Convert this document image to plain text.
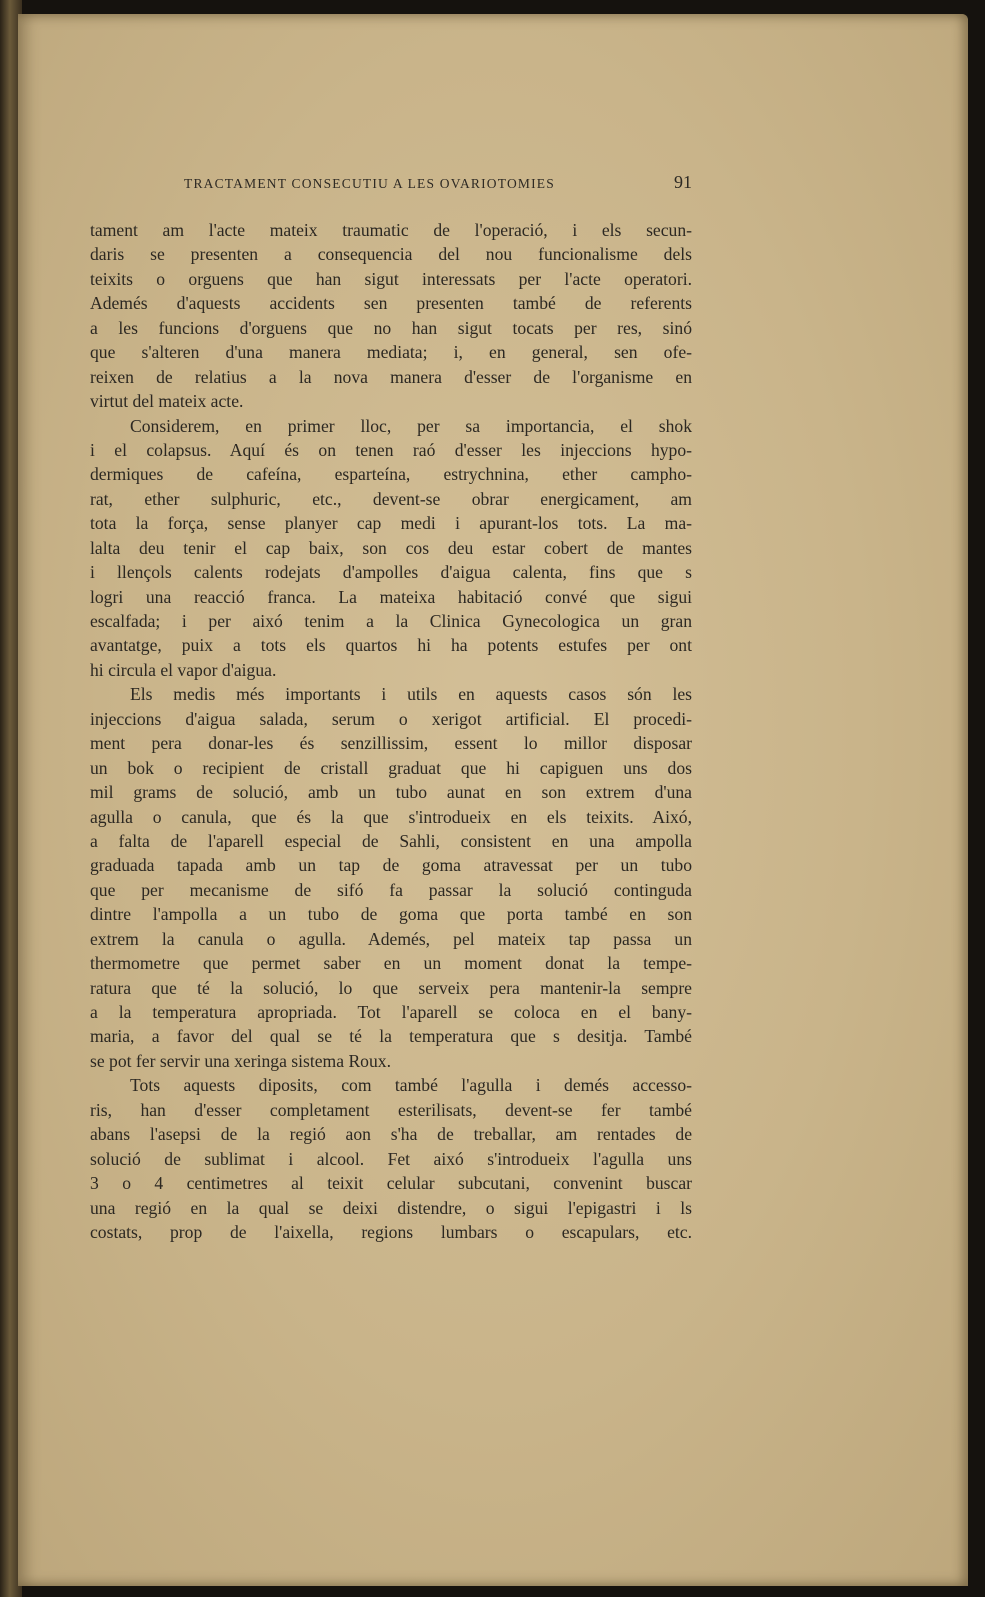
TRACTAMENT CONSECUTIU A LES OVARIOTOMIES	91
tament am l'acte mateix traumatic de l'operació, i els secun-
daris se presenten a consequencia del nou funcionalisme dels
teixits o orguens que han sigut interessats per l'acte operatori.
Ademés d'aquests accidents sen presenten també de referents
a les funcions d'orguens que no han sigut tocats per res, sinó
que s'alteren d'una manera mediata; i, en general, sen ofe-
reixen de relatius a la nova manera d'esser de l'organisme en
virtut del mateix acte.
Considerem, en primer lloc, per sa importancia, el shok
i el colapsus. Aquí és on tenen raó d'esser les injeccions hypo-
dermiques de cafeína, esparteína, estrychnina, ether campho-
rat, ether sulphuric, etc., devent-se obrar energicament, am
tota la força, sense planyer cap medi i apurant-los tots. La ma-
lalta deu tenir el cap baix, son cos deu estar cobert de mantes
i llençols calents rodejats d'ampolles d'aigua calenta, fins que s
logri una reacció franca. La mateixa habitació convé que sigui
escalfada; i per aixó tenim a la Clinica Gynecologica un gran
avantatge, puix a tots els quartos hi ha potents estufes per ont
hi circula el vapor d'aigua.
Els medis més importants i utils en aquests casos són les
injeccions d'aigua salada, serum o xerigot artificial. El procedi-
ment pera donar-les és senzillissim, essent lo millor disposar
un bok o recipient de cristall graduat que hi capiguen uns dos
mil grams de solució, amb un tubo aunat en son extrem d'una
agulla o canula, que és la que s'introdueix en els teixits. Aixó,
a falta de l'aparell especial de Sahli, consistent en una ampolla
graduada tapada amb un tap de goma atravessat per un tubo
que per mecanisme de sifó fa passar la solució continguda
dintre l'ampolla a un tubo de goma que porta també en son
extrem la canula o agulla. Ademés, pel mateix tap passa un
thermometre que permet saber en un moment donat la tempe-
ratura que té la solució, lo que serveix pera mantenir-la sempre
a la temperatura apropriada. Tot l'aparell se coloca en el bany-
maria, a favor del qual se té la temperatura que s desitja. També
se pot fer servir una xeringa sistema Roux.
Tots aquests diposits, com també l'agulla i demés accesso-
ris, han d'esser completament esterilisats, devent-se fer també
abans l'asepsi de la regió aon s'ha de treballar, am rentades de
solució de sublimat i alcool. Fet aixó s'introdueix l'agulla uns
3 o 4 centimetres al teixit celular subcutani, convenint buscar
una regió en la qual se deixi distendre, o sigui l'epigastri i ls
costats, prop de l'aixella, regions lumbars o escapulars, etc.
